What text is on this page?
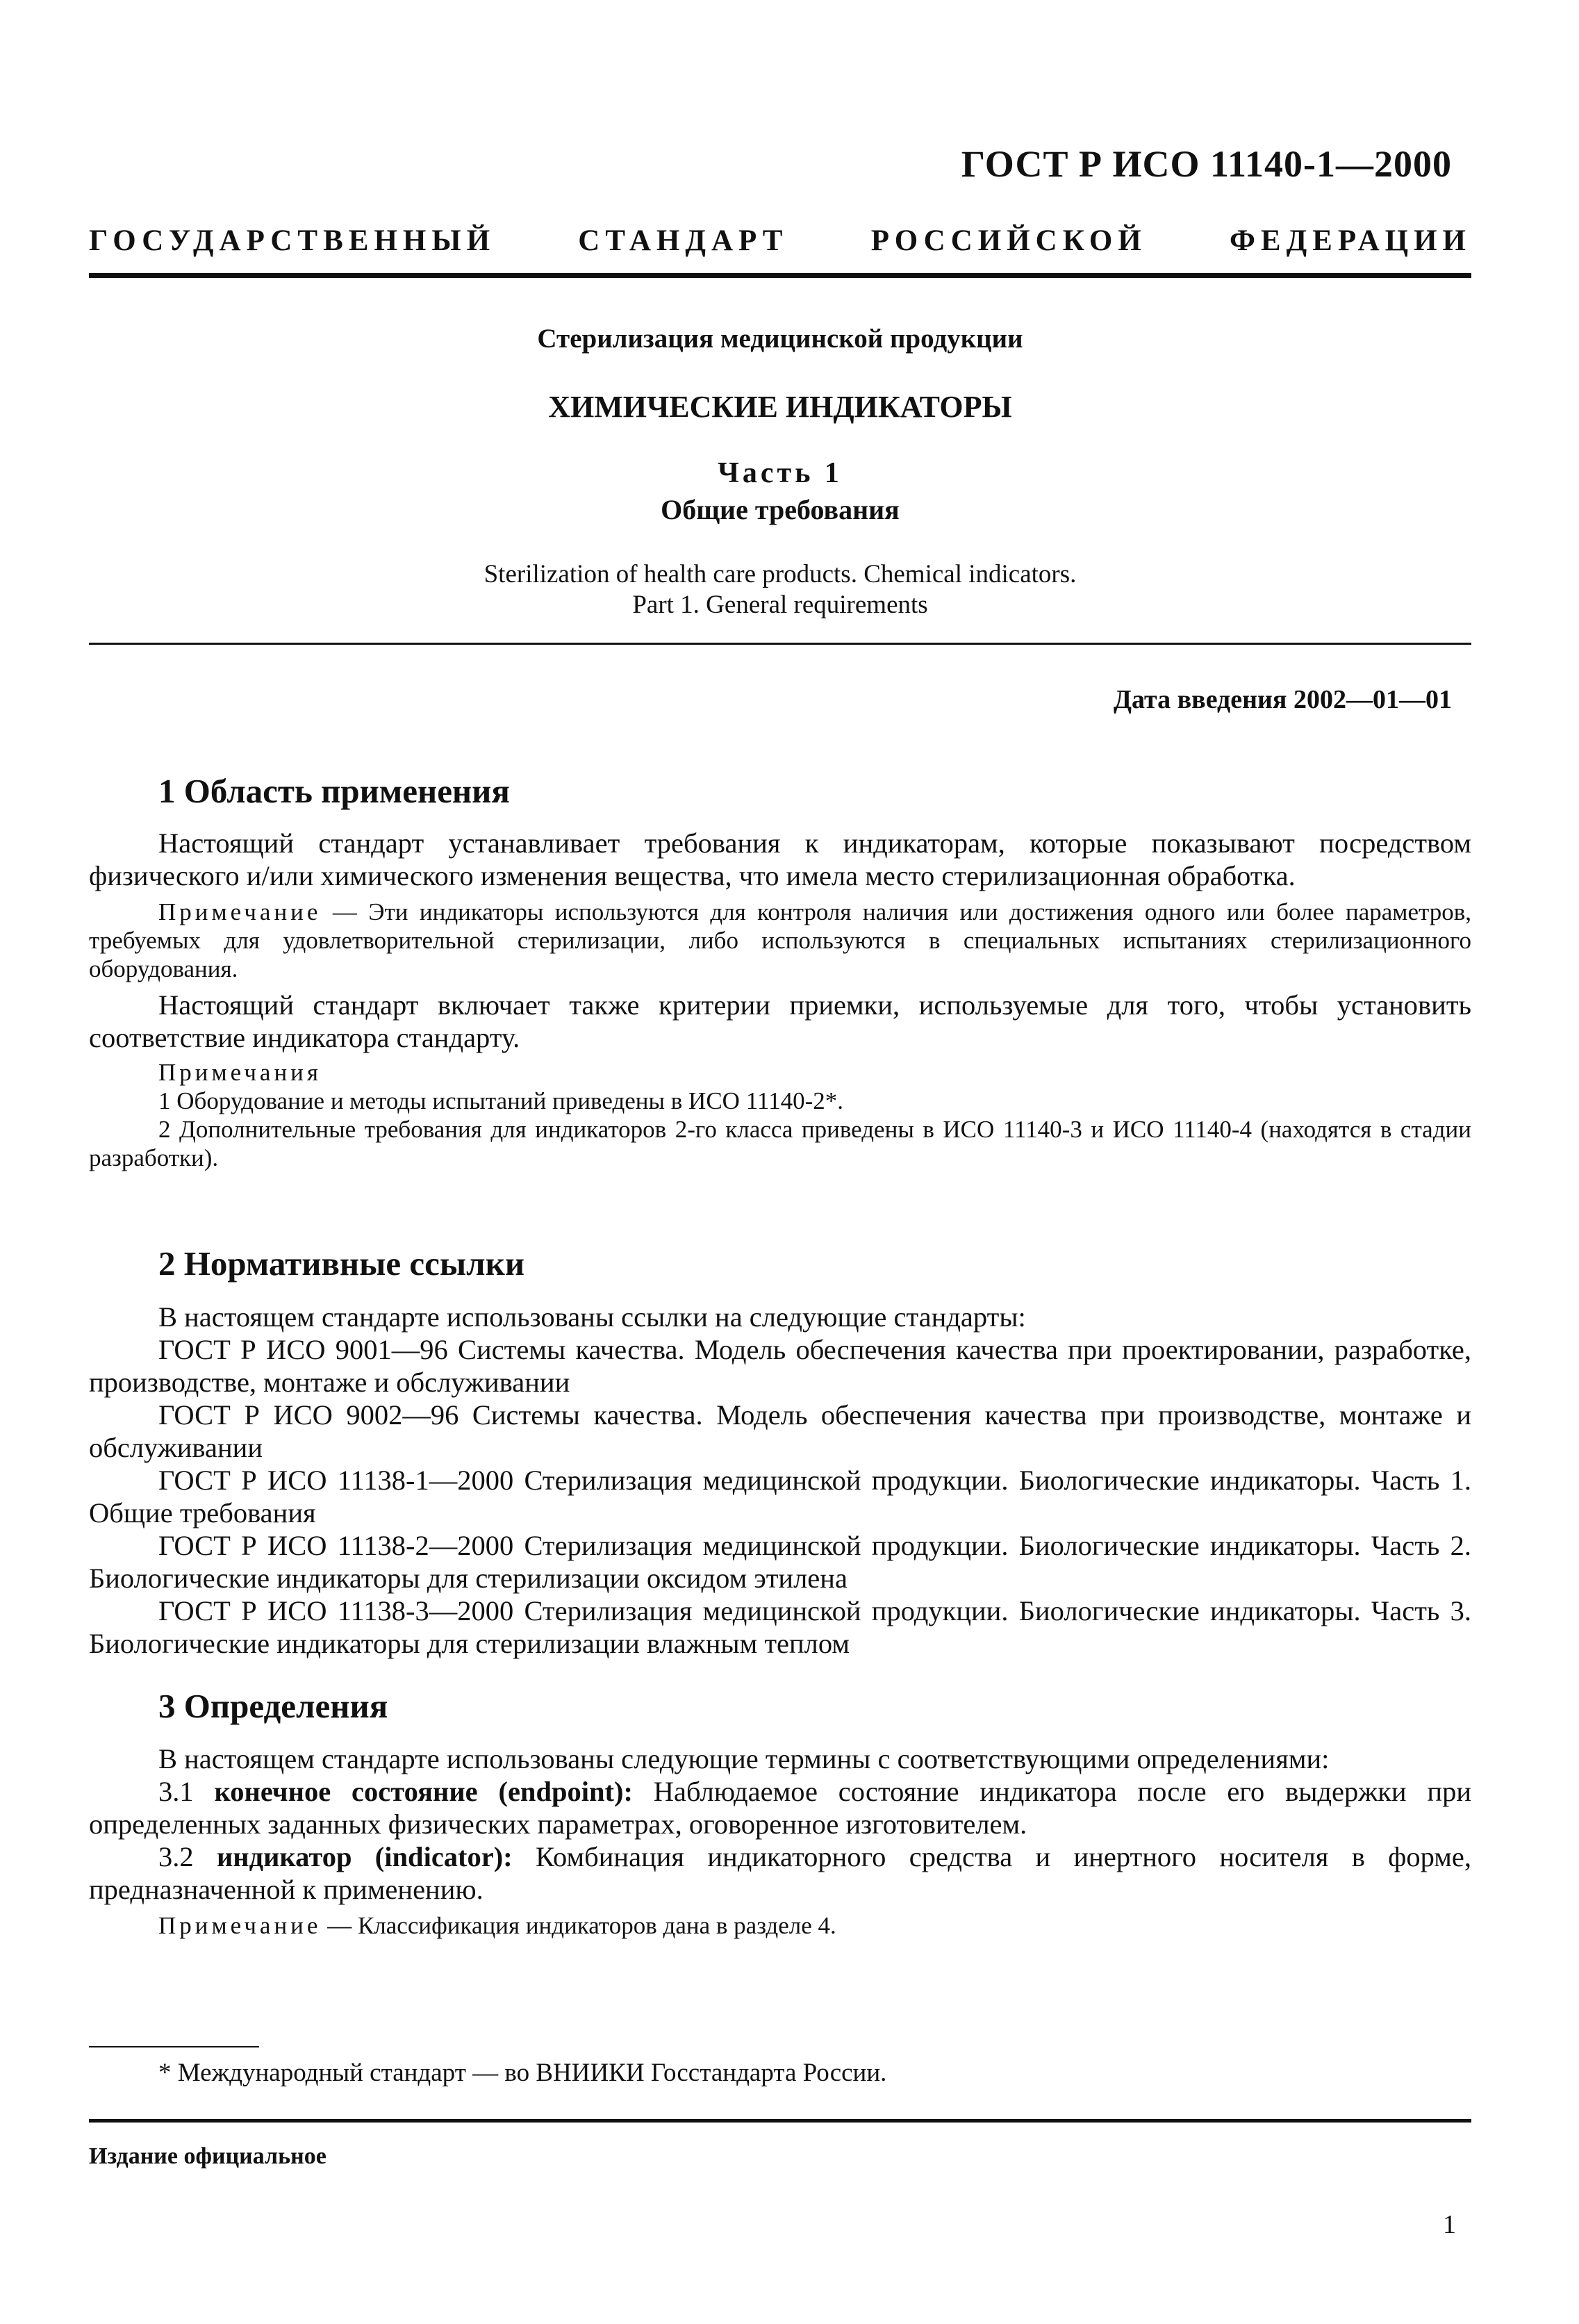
ГОСТ Р ИСО 11140-1—2000
ГОСУДАРСТВЕННЫЙ СТАНДАРТ РОССИЙСКОЙ ФЕДЕРАЦИИ
Стерилизация медицинской продукции
ХИМИЧЕСКИЕ ИНДИКАТОРЫ
Часть 1
Общие требования
Sterilization of health care products. Chemical indicators.
Part 1. General requirements
Дата введения 2002—01—01
1 Область применения

Настоящий стандарт устанавливает требования к индикаторам, которые показывают посредством физического и/или химического изменения вещества, что имела место стерилизационная обработка.

Примечание — Эти индикаторы используются для контроля наличия или достижения одного или более параметров, требуемых для удовлетворительной стерилизации, либо используются в специальных испытаниях стерилизационного оборудования.

Настоящий стандарт включает также критерии приемки, используемые для того, чтобы установить соответствие индикатора стандарту.

Примечания

1 Оборудование и методы испытаний приведены в ИСО 11140-2*.

2 Дополнительные требования для индикаторов 2-го класса приведены в ИСО 11140-3 и ИСО 11140-4 (находятся в стадии разработки).

2 Нормативные ссылки

В настоящем стандарте использованы ссылки на следующие стандарты:

ГОСТ Р ИСО 9001—96 Системы качества. Модель обеспечения качества при проектировании, разработке, производстве, монтаже и обслуживании

ГОСТ Р ИСО 9002—96 Системы качества. Модель обеспечения качества при производстве, монтаже и обслуживании

ГОСТ Р ИСО 11138-1—2000 Стерилизация медицинской продукции. Биологические индикаторы. Часть 1. Общие требования

ГОСТ Р ИСО 11138-2—2000 Стерилизация медицинской продукции. Биологические индикаторы. Часть 2. Биологические индикаторы для стерилизации оксидом этилена

ГОСТ Р ИСО 11138-3—2000 Стерилизация медицинской продукции. Биологические индикаторы. Часть 3. Биологические индикаторы для стерилизации влажным теплом

3 Определения

В настоящем стандарте использованы следующие термины с соответствующими определениями:

3.1 конечное состояние (endpoint): Наблюдаемое состояние индикатора после его выдержки при определенных заданных физических параметрах, оговоренное изготовителем.

3.2 индикатор (indicator): Комбинация индикаторного средства и инертного носителя в форме, предназначенной к применению.

Примечание — Классификация индикаторов дана в разделе 4.

* Международный стандарт — во ВНИИКИ Госстандарта России.
Издание официальное
1
